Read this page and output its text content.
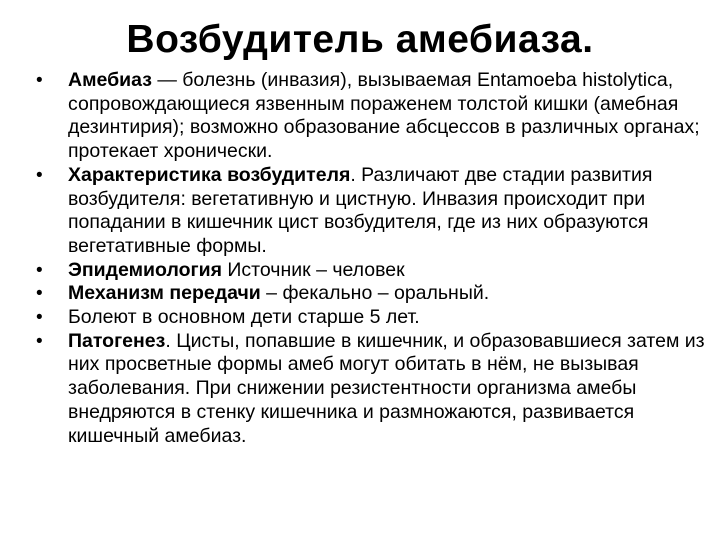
Возбудитель амебиаза.
•	Амебиаз — болезнь (инвазия), вызываемая Entamoeba histolytica, сопровождающиеся язвенным пораженем толстой кишки (амебная дезинтирия); возможно образование абсцессов в различных органах; протекает хронически.
•	Характеристика возбудителя. Различают две стадии развития возбудителя: вегетативную и цистную. Инвазия происходит при попадании в кишечник цист возбудителя, где из них образуются вегетативные формы.
•	Эпидемиология Источник – человек
•	Механизм передачи – фекально – оральный.
•	Болеют в основном дети старше 5 лет.
•	Патогенез. Цисты, попавшие в кишечник, и образовавшиеся затем из них просветные формы амеб могут обитать в нём, не вызывая заболевания. При снижении резистентности организма амебы внедряются в стенку кишечника и размножаются, развивается кишечный амебиаз.
